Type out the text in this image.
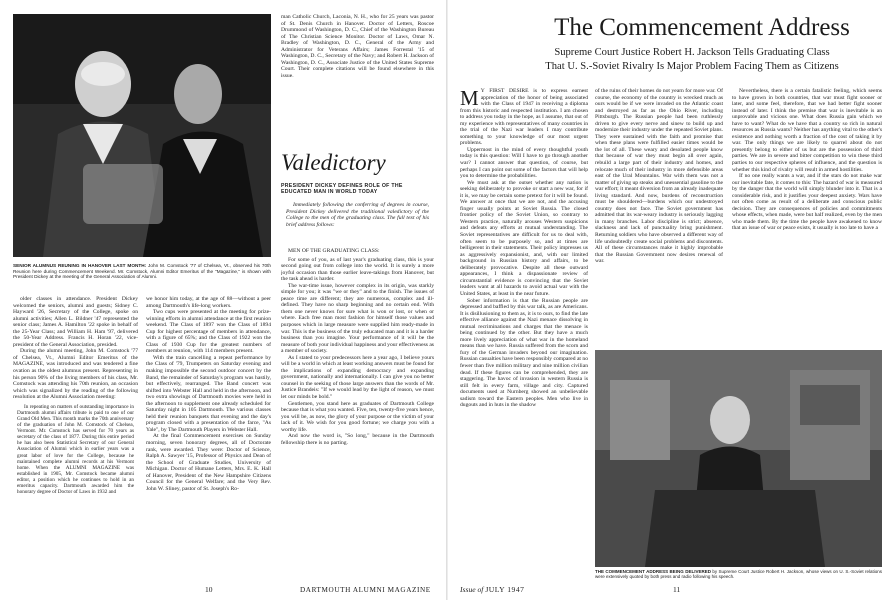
SENIOR ALUMNUS REUNING IN HANOVER LAST MONTH: John M. Comstock '77 of Chelsea, Vt., observed his 70th Reunion here during Commencement Weekend. Mr. Comstock, Alumni Editor Emeritus of the "Magazine," is shown with President Dickey at the meeting of the General Association of Alumni.

older classes in attendance. President Dickey welcomed the seniors, alumni and guests; Sidney C. Hayward '26, Secretary of the College, spoke on alumni activities; Allen L. Bildner '47 represented the senior class; James A. Hamilton '22 spoke in behalf of the 25-Year Class; and William H. Ham '97, delivered the 50-Year Address. Francis H. Horan '22, vice-president of the General Association, presided.

During the alumni meeting, John M. Comstock '77 of Chelsea, Vt., Alumni Editor Emeritus of the MAGAZINE, was introduced and was tendered a fine ovation as the oldest alumnus present. Representing in his person 90% of the living members of his class, Mr. Comstock was attending his 70th reunion, an occasion which was signalized by the reading of the following resolution at the Alumni Association meeting:

In repeating on matters of outstanding importance in Dartmouth alumni affairs tribute is paid to one of our Grand Old Men. This month marks the 70th anniversary of the graduation of John M. Comstock of Chelsea, Vermont. Mr. Comstock has served for 70 years as secretary of the class of 1877. During this entire period he has also been Statistical Secretary of our General Association of Alumni which in earlier years was a great labor of love for the College, because he maintained complete alumni records at his Vermont home. When the ALUMNI MAGAZINE was established in 1905, Mr. Comstock became alumni editor, a position which he continues to hold in an emeritus capacity. Dartmouth awarded him the honorary degree of Doctor of Laws in 1932 and

we honor him today, at the age of 88—without a peer among Dartmouth's life-long workers.

Two cups were presented at the meeting for prize-winning efforts in alumni attendance at the first reunion weekend. The Class of 1897 won the Class of 1894 Cup for highest percentage of members in attendance, with a figure of 65%; and the Class of 1922 won the Class of 1930 Cup for the greatest numbers of members at reunion, with 114 members present.

With the train cancelling a repeat performance by the Class of '79, Trumpeters on Saturday evening and making impossible the second outdoor concert by the Band, the remainder of Saturday's program was hastily, but effectively, rearranged. The Band concert was shifted into Webster Hall and held in the afternoon, and two extra showings of Dartmouth movies were held in the afternoon to supplement one already scheduled for Saturday night in 105 Dartmouth. The various classes held their reunion banquets that evening and the day's program closed with a presentation of the farce, "As Yale", by The Dartmouth Players in Webster Hall.

At the final Commencement exercises on Sunday morning, seven honorary degrees, all of Doctorate rank, were awarded. They were: Doctor of Science, Ralph A. Sawyer '15, Professor of Physics and Dean of the School of Graduate Studies, University of Michigan. Doctor of Humane Letters, Mrs. E. K. Hall of Hanover, President of the New Hampshire Citizens Council for the General Welfare; and the Very Rev. John W. Sliney, pastor of St. Joseph's Ro-

man Catholic Church, Laconia, N. H., who for 25 years was pastor of St. Denis Church in Hanover. Doctor of Letters, Roscoe Drummond of Washington, D. C., Chief of the Washington Bureau of The Christian Science Monitor. Doctor of Laws, Omar N. Bradley of Washington, D. C., General of the Army and Administrator for Veterans Affairs; James Forrestal '15 of Washington, D. C., Secretary of the Navy; and Robert H. Jackson of Washington, D. C., Associate Justice of the United States Supreme Court. Their complete citations will be found elsewhere in this issue.

Valedictory
PRESIDENT DICKEY DEFINES ROLE OF THE EDUCATED MAN IN WORLD TODAY
Immediately following the conferring of degrees in course, President Dickey delivered the traditional valedictory of the College to the men of the graduating class. The full text of his brief address follows:

MEN OF THE GRADUATING CLASS:

For some of you, as of last year's graduating class, this is your second going out from college into the world. It is surely a more joyful occasion than those earlier leave-takings from Hanover, but the task ahead is harder.

The war-time issue, however complex in its origin, was starkly simple for you; it was "we or they" and to the finish. The issues of peace time are different; they are numerous, complex and ill-defined. They have no sharp beginning and no certain end. With them one never knows for sure what is won or lost, or when or where. Each free man most fashion for himself those values and purposes which in large measure were supplied him ready-made in war. This is the business of the truly educated man and it is a harder business than you imagine. Your performance of it will be the measure of both your individual happiness and your effectiveness as a member of society.

As I stated to your predecessors here a year ago, I believe yours will be a world in which at least working answers must be found for the implications of expanding democracy and expanding government, nationally and internationally. I can give you no better counsel in the seeking of those large answers than the words of Mr. Justice Brandeis: "If we would lead by the light of reason, we must let our minds be bold."

Gentlemen, you stand here as graduates of Dartmouth College because that is what you wanted. Five, ten, twenty-five years hence, you will be, as now, the glory of your purpose or the victim of your lack of it. We wish for you good fortune; we charge you with a worthy life.

And now the word is, "So long," because in the Dartmouth fellowship there is no parting.

10	DARTMOUTH ALUMNI MAGAZINE
The Commencement Address
Supreme Court Justice Robert H. Jackson Tells Graduating Class
That U. S.-Soviet Rivalry Is Major Problem Facing Them as Citizens
M Y FIRST DESIRE is to express earnest appreciation of the honor of being associated with the Class of 1947 in receiving a diploma from this historic and respected institution. I am chosen to address you today in the hope, as I assume, that out of my experience with representatives of many countries in the trial of the Nazi war leaders I may contribute something to your knowledge of our most urgent problems.

Uppermost in the mind of every thoughtful youth today is this question: Will I have to go through another war? I cannot answer that question, of course, but perhaps I can point out some of the factors that will help you to determine the probabilities.

We must ask at the outset whether any nation is seeking deliberately to provoke or start a new war, for if it is, we may be certain some pretext for it will be found. We answer at once that we are not, and the accusing finger usually points at Soviet Russia. The closed frontier policy of the Soviet Union, so contrary to Western practice, naturally arouses Western suspicions and defeats any efforts at mutual understanding. The Soviet representatives are difficult for us to deal with, often seem to be purposely so, and at times are belligerent in their statements. Their policy impresses us as aggressively expansionist, and, with our limited background in Russian history and affairs, to be deliberately provocative. Despite all these outward appearances, I think a dispassionate review of circumstantial evidence is convincing that the Soviet leaders want at all hazards to avoid actual war with the United States, at least in the near future.

Sober information is that the Russian people are depressed and baffled by this war talk, as are Americans. It is disillusioning to them as, it is to ours, to find the late effective alliance against the Nazi menace dissolving in mutual recriminations and charges that the menace is being continued by the other. But they have a much more lively appreciation of what war in the homeland means than we have. Russia suffered from the scorn and fury of the German invaders beyond our imagination. Russian casualties have been responsibly compared at no fewer than five million military and nine million civilian dead. If these figures can be comprehended, they are staggering. The havoc of invasion in western Russia is still felt in every farm, village and city. Captured documents used at Nurnberg showed an unbelievable sadism toward the Eastern peoples. Men who live in dugouts and in huts in the shadow

of the ruins of their homes do not yearn for more war. Of course, the economy of the country is wrecked much as ours would be if we were invaded on the Atlantic coast and destroyed as far as the Ohio River, including Pittsburgh. The Russian people had been ruthlessly driven to give every nerve and sinew to build up and modernize their industry under the repeated Soviet plans. They were sustained with the faith and promise that when these plans were fulfilled easier times would be the lot of all. These weary and desolated people know that because of war they must begin all over again, rebuild a large part of their industry and homes, and relocate much of their industry in more defensible areas east of the Ural Mountains. War with them was not a matter of giving up steaks and unessential gasoline to the war effort; it meant diversion from an already inadequate living standard. And now, burdens of reconstruction must be shouldered—burdens which our undestroyed country does not face. The Soviet government has admitted that its war-weary industry is seriously lagging in many branches. Labor discipline is strict; absence, slackness and lack of punctuality bring punishment. Returning soldiers who have observed a different way of life undoubtedly create social problems and discontents. All of these circumstances make it highly improbable that the Russian Government now desires renewal of war.

Nevertheless, there is a certain fatalistic feeling, which seems to have grown in both countries, that war must fight sooner or later, and some feel, therefore, that we had better fight sooner instead of later. I think the premise that war is inevitable is an unprovable and vicious one. What does Russia gain which we have to want? What do we have that a country so rich in natural resources as Russia wants? Neither has anything vital to the other's existence and nothing worth a fraction of the cost of taking it by war. The only things we are likely to quarrel about do not presently belong to either of us but are the possession of third parties. We are in severe and bitter competition to win these third parties to our respective spheres of influence, and the question is whether this kind of rivalry will result in armed hostilities.

If no one really wants a war, and if the stars do not make war our inevitable fate, it comes to this: The hazard of war is measured by the danger that the world will simply blunder into it. That is a considerable risk, and it justifies your deepest anxiety. Wars have not often come as result of a deliberate and conscious public decision. They are consequences of policies and commitments whose effects, when made, were but half realized, even by the men who made them. By the time the people have awakened to know that an issue of war or peace exists, it usually is too late to have a

THE COMMENCEMENT ADDRESS BEING DELIVERED by Supreme Court Justice Robert H. Jackson, whose views on U. S.-Soviet relations were extensively quoted by both press and radio following his speech.
Issue of JULY 1947	11
